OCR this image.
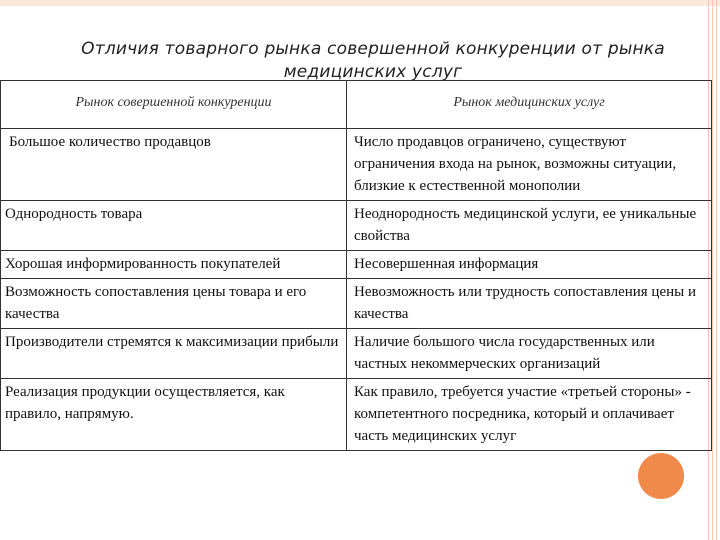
Отличия товарного рынка совершенной конкуренции от рынка медицинских услуг
Рынок совершенной конкуренции	Рынок медицинских услуг
Большое количество продавцов	Число продавцов ограничено, существуют ограничения входа на рынок, возможны ситуации, близкие к естественной монополии
Однородность товара	Неоднородность медицинской услуги, ее уникальные свойства
Хорошая информированность покупателей	Несовершенная информация
Возможность сопоставления цены товара и его качества	Невозможность или трудность сопоставления цены и качества
Производители стремятся к максимизации прибыли	Наличие большого числа государственных или частных некоммерческих организаций
Реализация продукции осуществляется, как правило, напрямую.	Как правило, требуется участие «третьей стороны» - компетентного посредника, который и оплачивает часть медицинских услуг
